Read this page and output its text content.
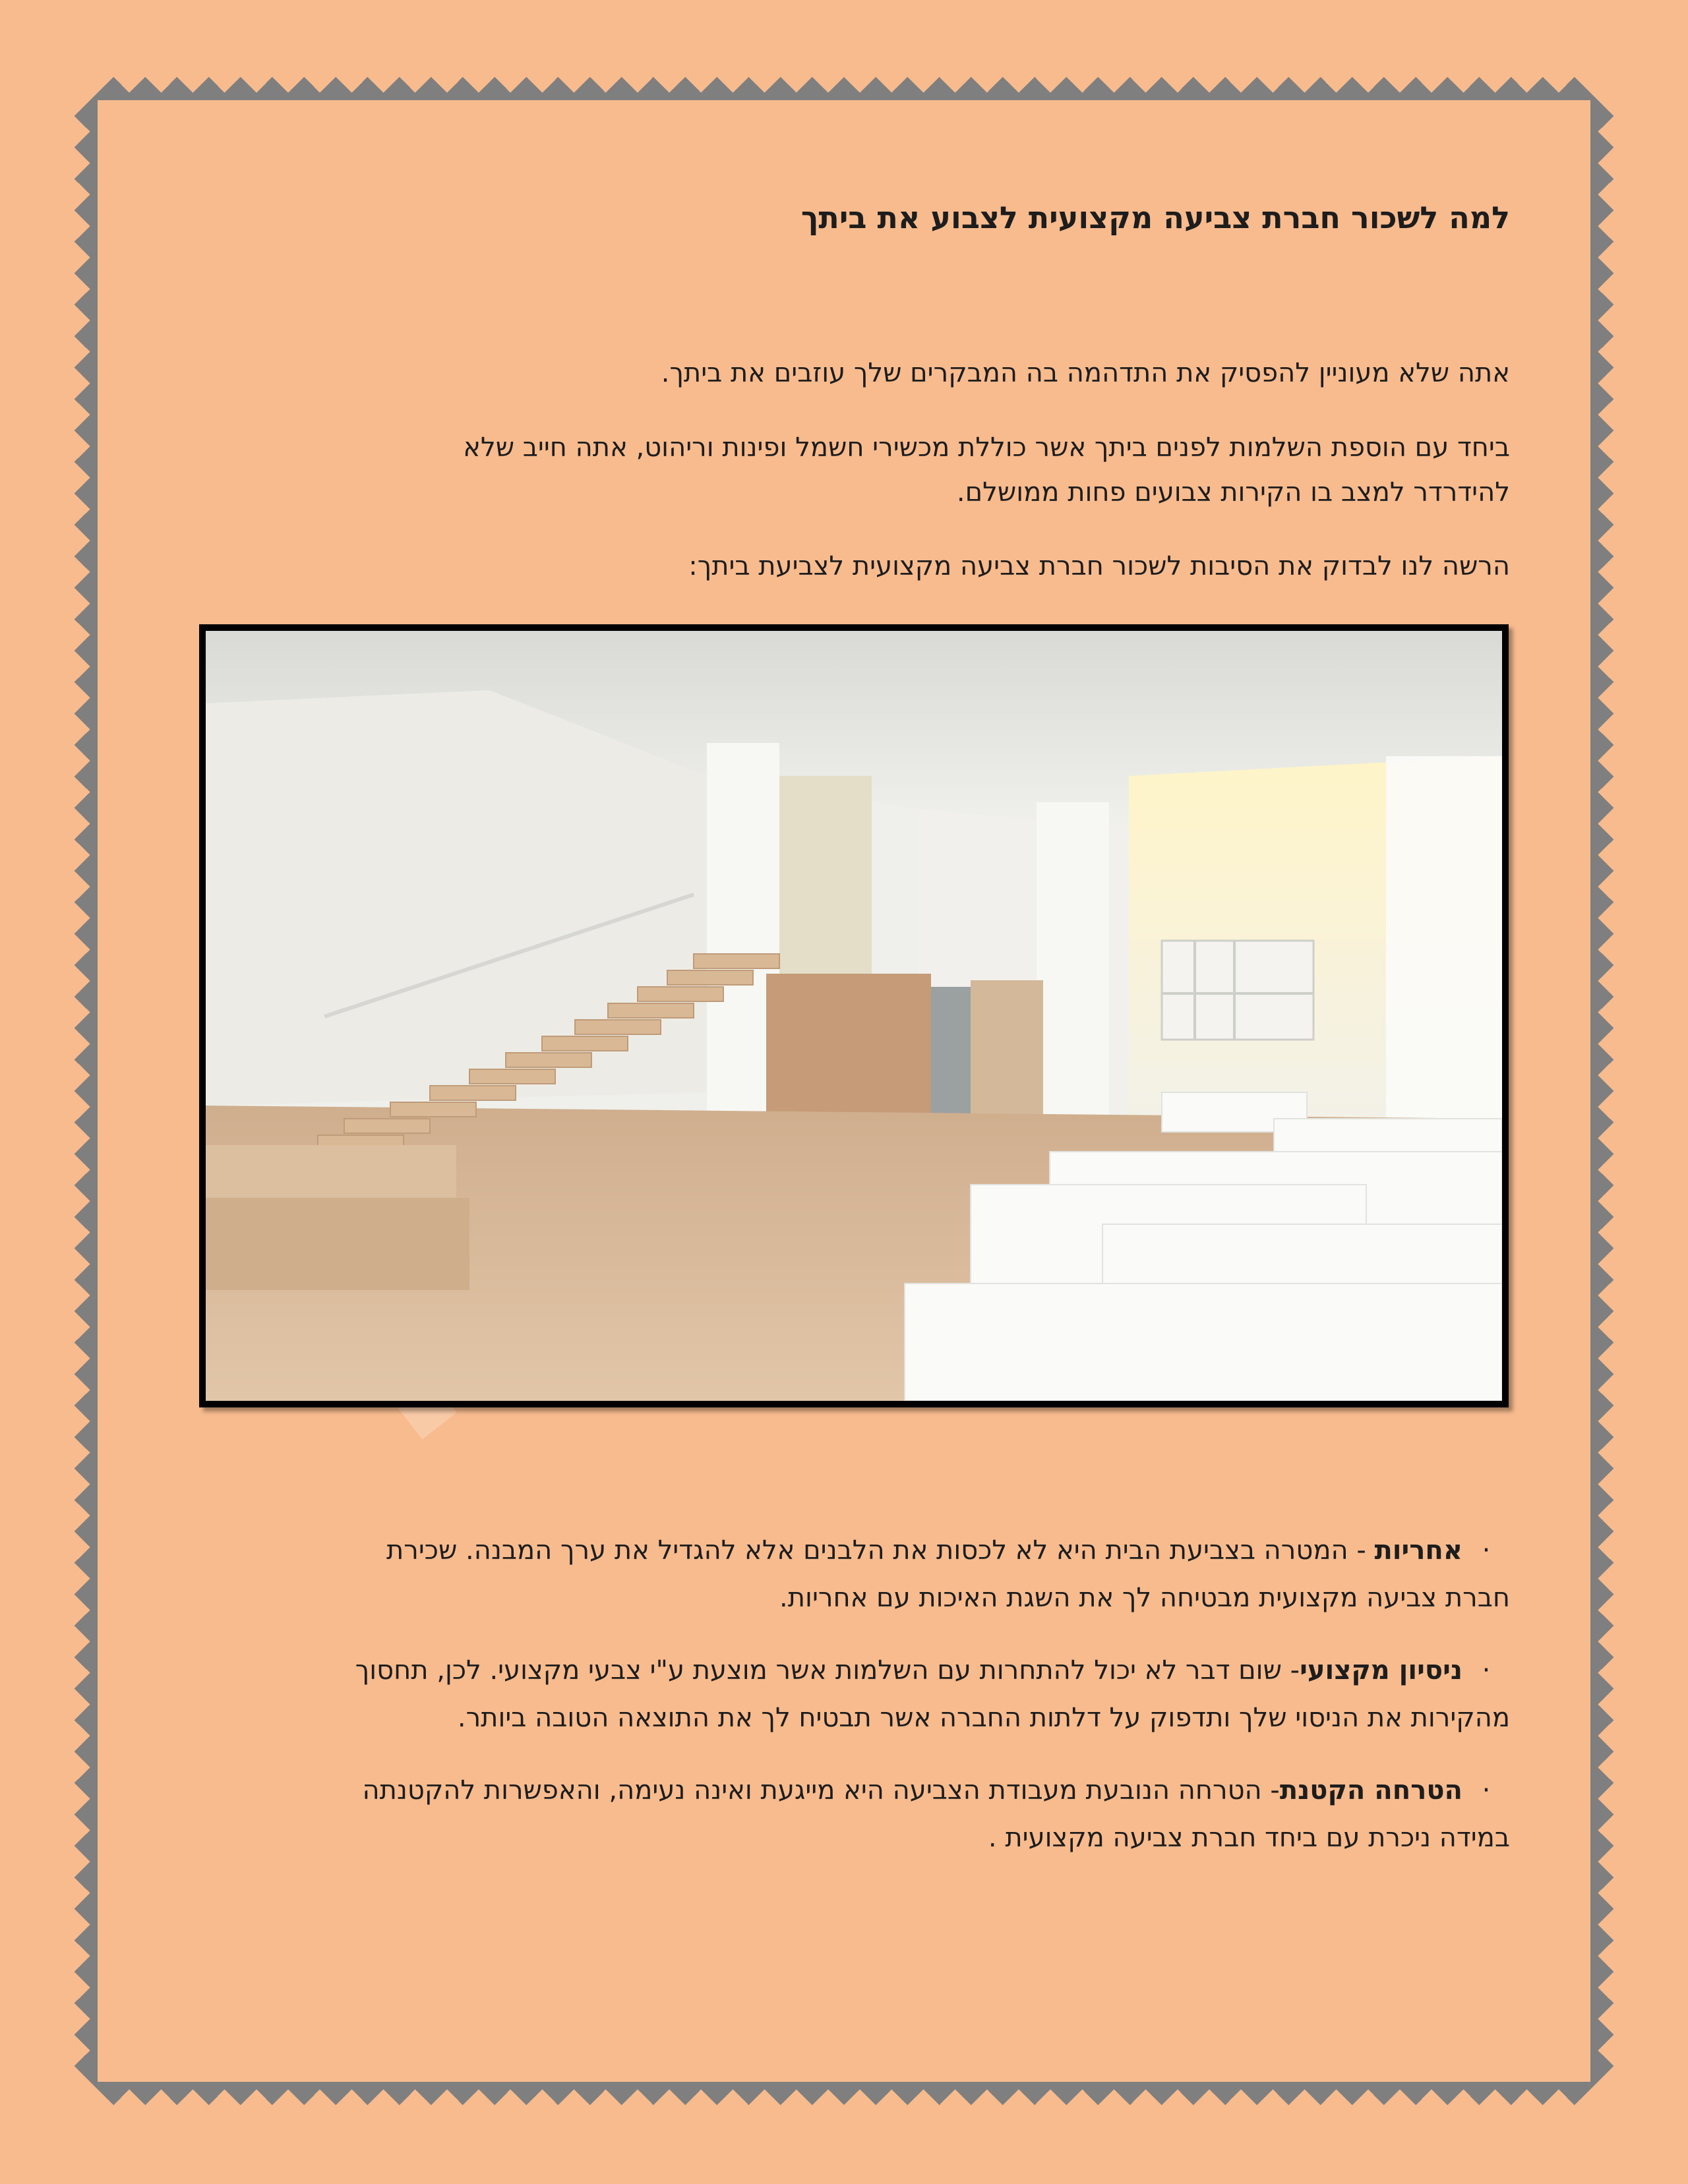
למה לשכור חברת צביעה מקצועית לצבוע את ביתך

אתה שלא מעוניין להפסיק את התדהמה בה המבקרים שלך עוזבים את ביתך.

ביחד עם הוספת השלמות לפנים ביתך אשר כוללת מכשירי חשמל ופינות וריהוט, אתה חייב שלא

להידרדר למצב בו הקירות צבועים פחות ממושלם.

הרשה לנו לבדוק את הסיבות לשכור חברת צביעה מקצועית לצביעת ביתך:

·אחריות - המטרה בצביעת הבית היא לא לכסות את הלבנים אלא להגדיל את ערך המבנה. שכירת
חברת צביעה מקצועית מבטיחה לך את השגת האיכות עם אחריות.
·ניסיון מקצועי- שום דבר לא יכול להתחרות עם השלמות אשר מוצעת ע"י צבעי מקצועי. לכן, תחסוך
מהקירות את הניסוי שלך ותדפוק על דלתות החברה אשר תבטיח לך את התוצאה הטובה ביותר.
·הטרחה הקטנת- הטרחה הנובעת מעבודת הצביעה היא מייגעת ואינה נעימה, והאפשרות להקטנתה
במידה ניכרת עם ביחד חברת צביעה מקצועית .
